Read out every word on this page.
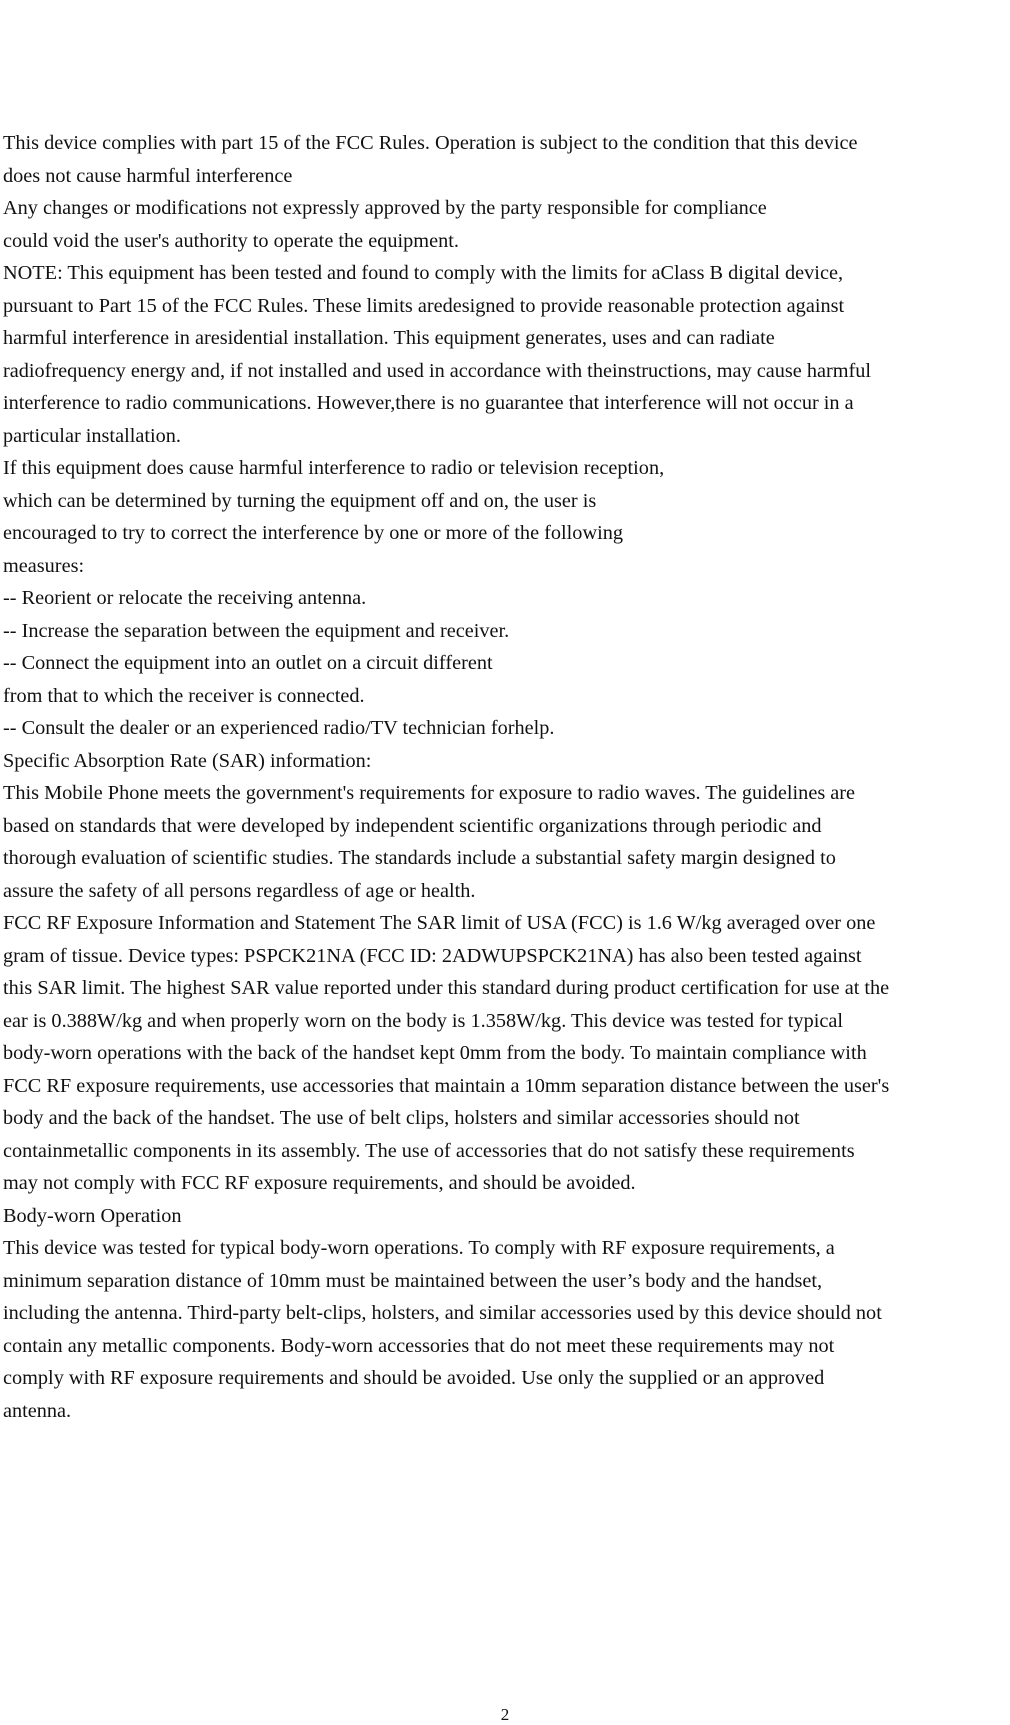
This device complies with part 15 of the FCC Rules. Operation is subject to the condition that this device
does not cause harmful interference
Any changes or modifications not expressly approved by the party responsible for compliance
could void the user's authority to operate the equipment.
NOTE: This equipment has been tested and found to comply with the limits for aClass B digital device,
pursuant to Part 15 of the FCC Rules. These limits aredesigned to provide reasonable protection against
harmful interference in aresidential installation. This equipment generates, uses and can radiate
radiofrequency energy and, if not installed and used in accordance with theinstructions, may cause harmful
interference to radio communications. However,there is no guarantee that interference will not occur in a
particular installation.
If this equipment does cause harmful interference to radio or television reception,
which can be determined by turning the equipment off and on, the user is
encouraged to try to correct the interference by one or more of the following
measures:
-- Reorient or relocate the receiving antenna.
-- Increase the separation between the equipment and receiver.
-- Connect the equipment into an outlet on a circuit different
from that to which the receiver is connected.
-- Consult the dealer or an experienced radio/TV technician forhelp.
Specific Absorption Rate (SAR) information:
This Mobile Phone meets the government's requirements for exposure to radio waves. The guidelines are
based on standards that were developed by independent scientific organizations through periodic and
thorough evaluation of scientific studies. The standards include a substantial safety margin designed to
assure the safety of all persons regardless of age or health.
FCC RF Exposure Information and Statement The SAR limit of USA (FCC) is 1.6 W/kg averaged over one
gram of tissue. Device types: PSPCK21NA (FCC ID: 2ADWUPSPCK21NA) has also been tested against
this SAR limit. The highest SAR value reported under this standard during product certification for use at the
ear is 0.388W/kg and when properly worn on the body is 1.358W/kg. This device was tested for typical
body-worn operations with the back of the handset kept 0mm from the body. To maintain compliance with
FCC RF exposure requirements, use accessories that maintain a 10mm separation distance between the user's
body and the back of the handset. The use of belt clips, holsters and similar accessories should not
containmetallic components in its assembly. The use of accessories that do not satisfy these requirements
may not comply with FCC RF exposure requirements, and should be avoided.
Body-worn Operation
This device was tested for typical body-worn operations. To comply with RF exposure requirements, a
minimum separation distance of 10mm must be maintained between the user’s body and the handset,
including the antenna. Third-party belt-clips, holsters, and similar accessories used by this device should not
contain any metallic components. Body-worn accessories that do not meet these requirements may not
comply with RF exposure requirements and should be avoided. Use only the supplied or an approved
antenna.
2
